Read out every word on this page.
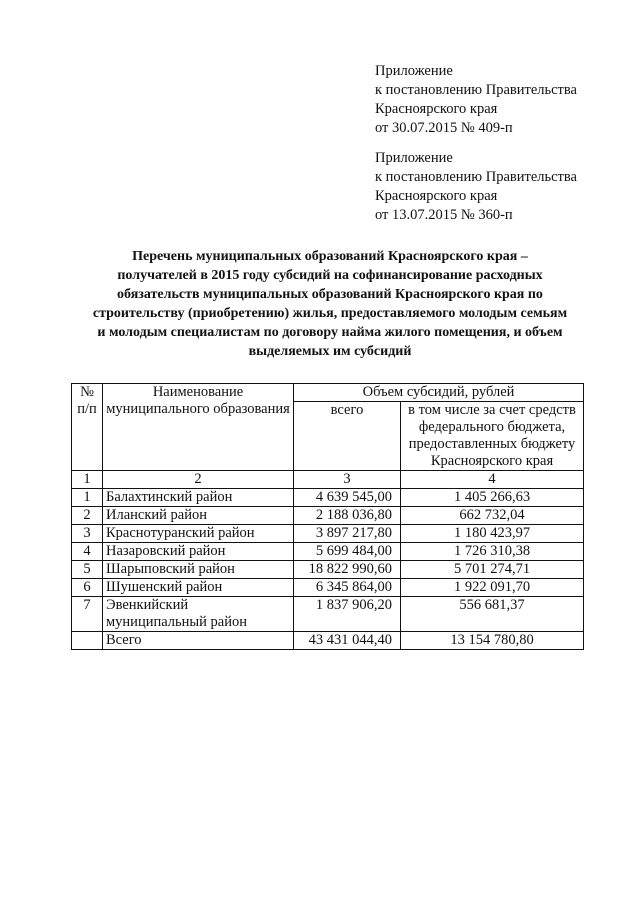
Приложение
к постановлению Правительства
Красноярского края
от 30.07.2015 № 409-п
Приложение
к постановлению Правительства
Красноярского края
от 13.07.2015 № 360-п
Перечень муниципальных образований Красноярского края –
получателей в 2015 году субсидий на софинансирование расходных
обязательств муниципальных образований Красноярского края по
строительству (приобретению) жилья, предоставляемого молодым семьям
и молодым специалистам по договору найма жилого помещения, и объем
выделяемых им субсидий
№ п/п	Наименование муниципального образования	Объем субсидий, рублей	
		всего	в том числе за счет средств федерального бюджета, предоставленных бюджету Красноярского края
1	2	3	4
1	Балахтинский район	4 639 545,00	1 405 266,63
2	Иланский район	2 188 036,80	662 732,04
3	Краснотуранский район	3 897 217,80	1 180 423,97
4	Назаровский район	5 699 484,00	1 726 310,38
5	Шарыповский район	18 822 990,60	5 701 274,71
6	Шушенский район	6 345 864,00	1 922 091,70
7	Эвенкийский муниципальный район	1 837 906,20	556 681,37
	Всего	43 431 044,40	13 154 780,80
